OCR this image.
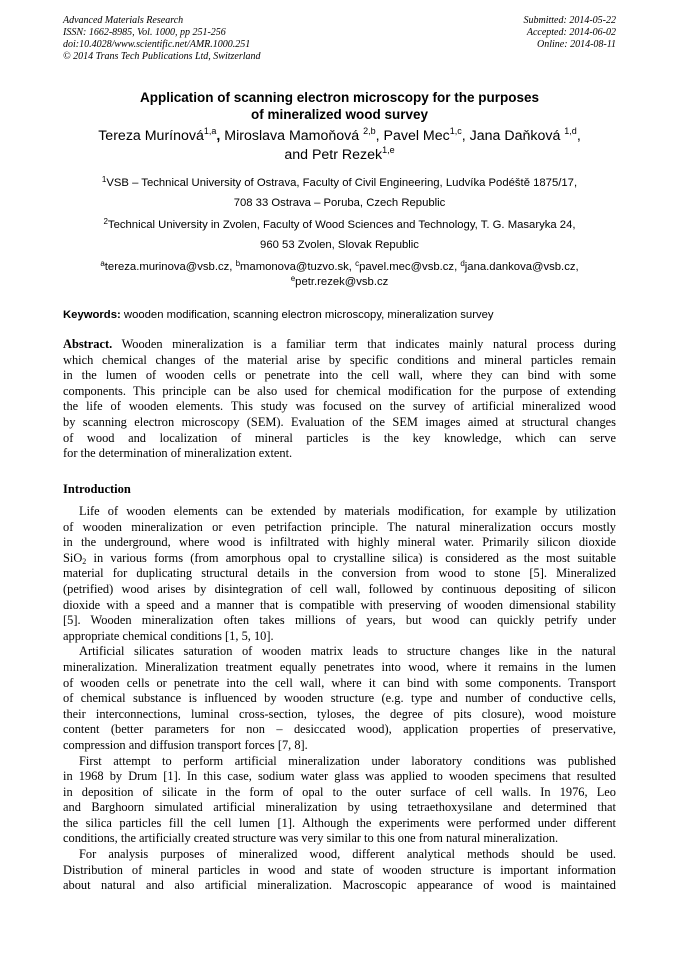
Advanced Materials Research
ISSN: 1662-8985, Vol. 1000, pp 251-256
doi:10.4028/www.scientific.net/AMR.1000.251
© 2014 Trans Tech Publications Ltd, Switzerland
Submitted: 2014-05-22
Accepted: 2014-06-02
Online: 2014-08-11
Application of scanning electron microscopy for the purposes
of mineralized wood survey
Tereza Murínová$^{1,a}$, Miroslava Mamoňová $^{2,b}$, Pavel Mec$^{1,c}$, Jana Daňková $^{1,d}$,
and Petr Rezek$^{1,e}$
$^1$VSB – Technical University of Ostrava, Faculty of Civil Engineering, Ludvíka Podéště 1875/17,
708 33 Ostrava – Poruba, Czech Republic
$^2$Technical University in Zvolen, Faculty of Wood Sciences and Technology, T. G. Masaryka 24,
960 53 Zvolen, Slovak Republic
$^a$tereza.murinova@vsb.cz, $^b$mamonova@tuzvo.sk, $^c$pavel.mec@vsb.cz, $^d$jana.dankova@vsb.cz,
$^e$petr.rezek@vsb.cz
Keywords: wooden modification, scanning electron microscopy, mineralization survey
Abstract. Wooden mineralization is a familiar term that indicates mainly natural process during
which chemical changes of the material arise by specific conditions and mineral particles remain
in the lumen of wooden cells or penetrate into the cell wall, where they can bind with some
components. This principle can be also used for chemical modification for the purpose of extending
the life of wooden elements. This study was focused on the survey of artificial mineralized wood
by scanning electron microscopy (SEM). Evaluation of the SEM images aimed at structural changes
of wood and localization of mineral particles is the key knowledge, which can serve
for the determination of mineralization extent.
Introduction
Life of wooden elements can be extended by materials modification, for example by utilization
of wooden mineralization or even petrifaction principle. The natural mineralization occurs mostly
in the underground, where wood is infiltrated with highly mineral water. Primarily silicon dioxide
SiO$_2$ in various forms (from amorphous opal to crystalline silica) is considered as the most suitable
material for duplicating structural details in the conversion from wood to stone [5]. Mineralized
(petrified) wood arises by disintegration of cell wall, followed by continuous depositing of silicon
dioxide with a speed and a manner that is compatible with preserving of wooden dimensional stability
[5]. Wooden mineralization often takes millions of years, but wood can quickly petrify under
appropriate chemical conditions [1, 5, 10].
Artificial silicates saturation of wooden matrix leads to structure changes like in the natural
mineralization. Mineralization treatment equally penetrates into wood, where it remains in the lumen
of wooden cells or penetrate into the cell wall, where it can bind with some components. Transport
of chemical substance is influenced by wooden structure (e.g. type and number of conductive cells,
their interconnections, luminal cross-section, tyloses, the degree of pits closure), wood moisture
content (better parameters for non – desiccated wood), application properties of preservative,
compression and diffusion transport forces [7, 8].
First attempt to perform artificial mineralization under laboratory conditions was published
in 1968 by Drum [1]. In this case, sodium water glass was applied to wooden specimens that resulted
in deposition of silicate in the form of opal to the outer surface of cell walls. In 1976, Leo
and Barghoorn simulated artificial mineralization by using tetraethoxysilane and determined that
the silica particles fill the cell lumen [1]. Although the experiments were performed under different
conditions, the artificially created structure was very similar to this one from natural mineralization.
For analysis purposes of mineralized wood, different analytical methods should be used.
Distribution of mineral particles in wood and state of wooden structure is important information
about natural and also artificial mineralization. Macroscopic appearance of wood is maintained
